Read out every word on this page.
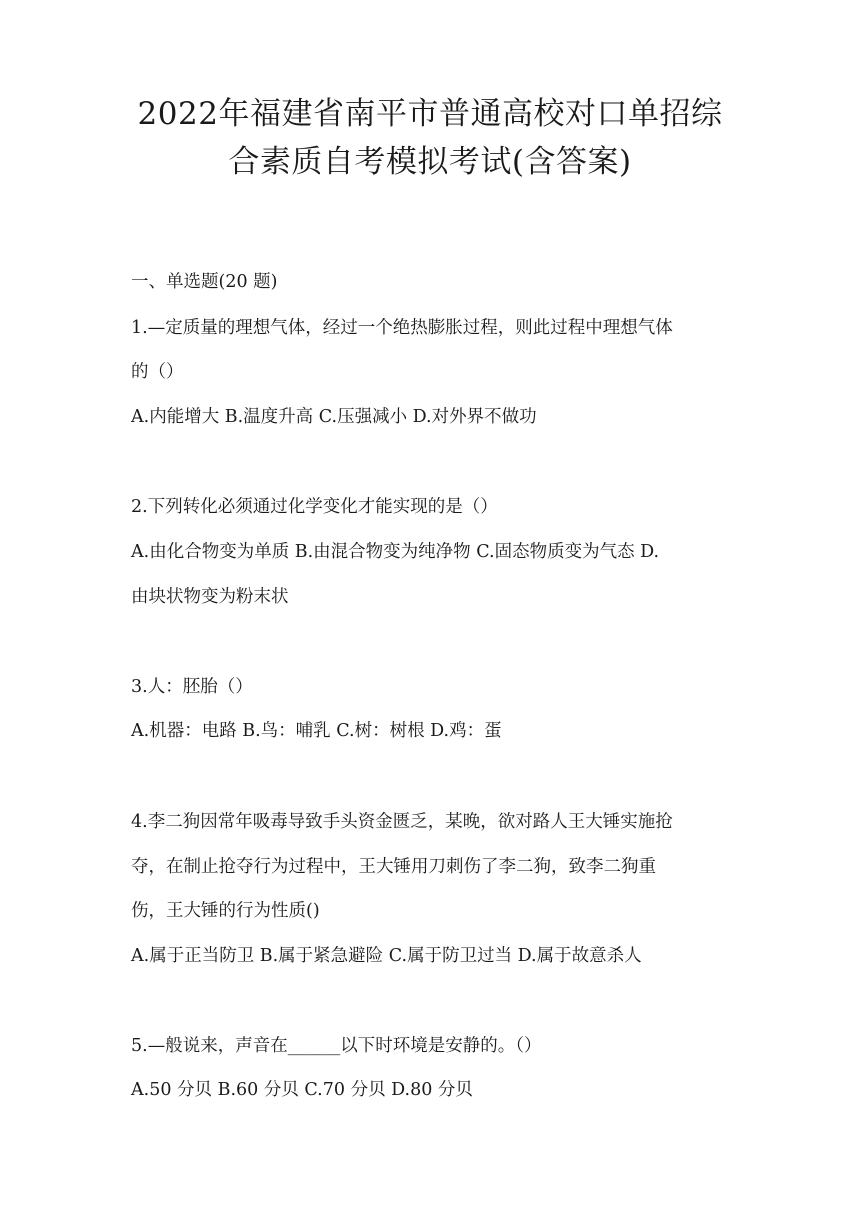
2022年福建省南平市普通高校对口单招综
合素质自考模拟考试(含答案)
一、单选题(20 题)
1.—定质量的理想气体，经过一个绝热膨胀过程，则此过程中理想气体
的（）
A.内能增大 B.温度升高 C.压强减小 D.对外界不做功
2.下列转化必须通过化学变化才能实现的是（）
A.由化合物变为单质 B.由混合物变为纯净物 C.固态物质变为气态 D.
由块状物变为粉末状
3.人：胚胎（）
A.机器：电路 B.鸟：哺乳 C.树：树根 D.鸡：蛋
4.李二狗因常年吸毒导致手头资金匮乏，某晚，欲对路人王大锤实施抢
夺，在制止抢夺行为过程中，王大锤用刀刺伤了李二狗，致李二狗重
伤，王大锤的行为性质()
A.属于正当防卫 B.属于紧急避险 C.属于防卫过当 D.属于故意杀人
5.—般说来，声音在______以下时环境是安静的。（）
A.50 分贝 B.60 分贝 C.70 分贝 D.80 分贝
